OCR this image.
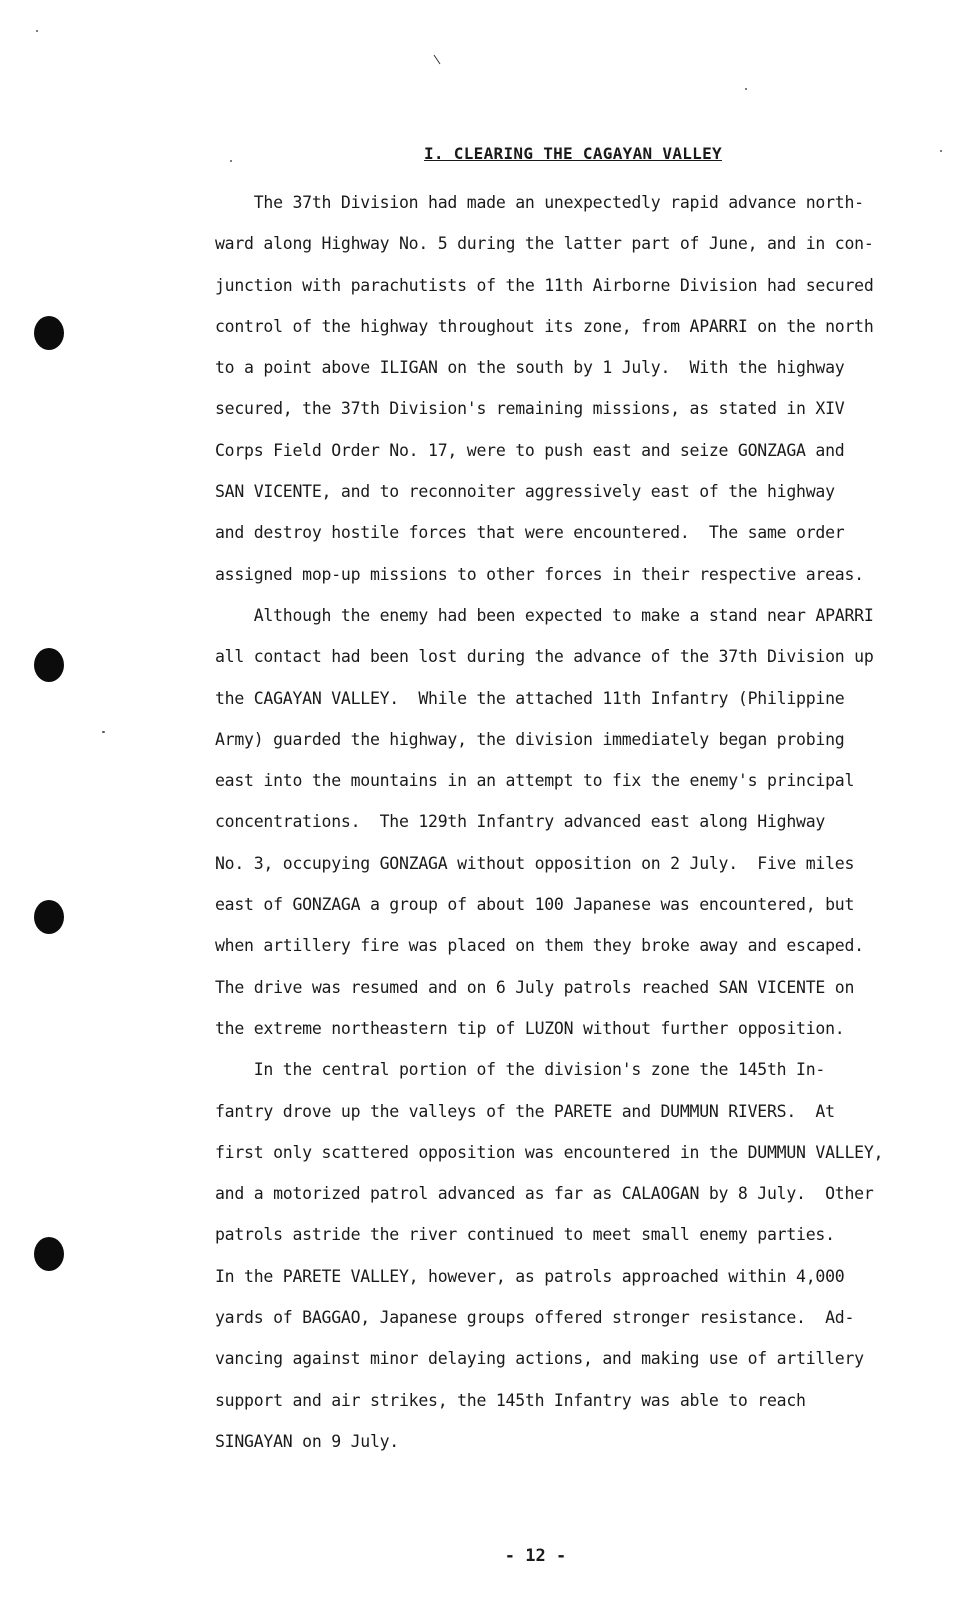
I. CLEARING THE CAGAYAN VALLEY
The 37th Division had made an unexpectedly rapid advance north-
ward along Highway No. 5 during the latter part of June, and in con-
junction with parachutists of the 11th Airborne Division had secured
control of the highway throughout its zone, from APARRI on the north
to a point above ILIGAN on the south by 1 July.  With the highway
secured, the 37th Division's remaining missions, as stated in XIV
Corps Field Order No. 17, were to push east and seize GONZAGA and
SAN VICENTE, and to reconnoiter aggressively east of the highway
and destroy hostile forces that were encountered.  The same order
assigned mop-up missions to other forces in their respective areas.
Although the enemy had been expected to make a stand near APARRI
all contact had been lost during the advance of the 37th Division up
the CAGAYAN VALLEY.  While the attached 11th Infantry (Philippine
Army) guarded the highway, the division immediately began probing
east into the mountains in an attempt to fix the enemy's principal
concentrations.  The 129th Infantry advanced east along Highway
No. 3, occupying GONZAGA without opposition on 2 July.  Five miles
east of GONZAGA a group of about 100 Japanese was encountered, but
when artillery fire was placed on them they broke away and escaped.
The drive was resumed and on 6 July patrols reached SAN VICENTE on
the extreme northeastern tip of LUZON without further opposition.
In the central portion of the division's zone the 145th In-
fantry drove up the valleys of the PARETE and DUMMUN RIVERS.  At
first only scattered opposition was encountered in the DUMMUN VALLEY,
and a motorized patrol advanced as far as CALAOGAN by 8 July.  Other
patrols astride the river continued to meet small enemy parties.
In the PARETE VALLEY, however, as patrols approached within 4,000
yards of BAGGAO, Japanese groups offered stronger resistance.  Ad-
vancing against minor delaying actions, and making use of artillery
support and air strikes, the 145th Infantry was able to reach
SINGAYAN on 9 July.
- 12 -
